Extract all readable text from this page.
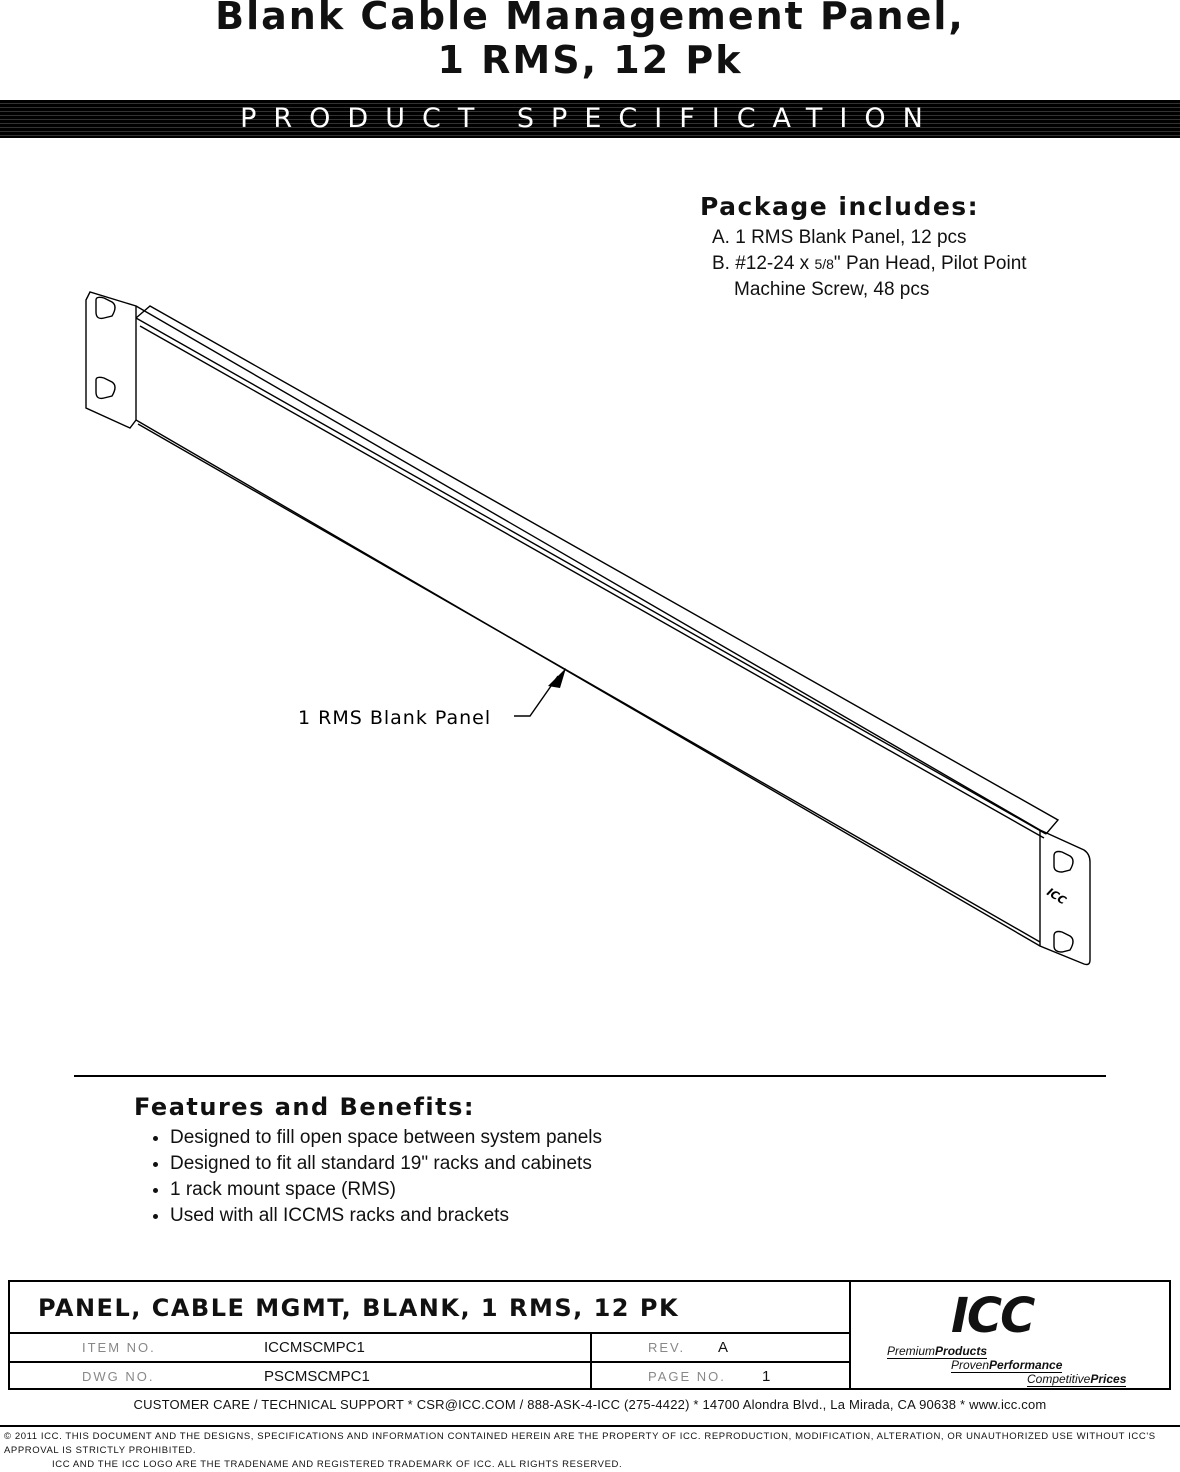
Blank Cable Management Panel,
1 RMS, 12 Pk
PRODUCT SPECIFICATION
Package includes:
A. 1 RMS Blank Panel, 12 pcs
B. #12-24 x 5/8" Pan Head, Pilot Point
Machine Screw, 48 pcs
1 RMS Blank Panel
ICC
Features and Benefits:
• Designed to fill open space between system panels
• Designed to fit all standard 19" racks and cabinets
• 1 rack mount space (RMS)
• Used with all ICCMS racks and brackets
PANEL, CABLE MGMT, BLANK, 1 RMS, 12 PK
ITEM NO.	ICCMSCMPC1	REV. A
DWG NO.	PSCMSCMPC1	PAGE NO. 1
ICC
PremiumProducts
ProvenPerformance
CompetitivePrices
CUSTOMER CARE / TECHNICAL SUPPORT * CSR@ICC.COM / 888-ASK-4-ICC (275-4422) * 14700 Alondra Blvd., La Mirada, CA 90638 * www.icc.com
© 2011 ICC. THIS DOCUMENT AND THE DESIGNS, SPECIFICATIONS AND INFORMATION CONTAINED HEREIN ARE THE PROPERTY OF ICC. REPRODUCTION, MODIFICATION, ALTERATION, OR UNAUTHORIZED USE WITHOUT ICC'S APPROVAL IS STRICTLY PROHIBITED.
ICC AND THE ICC LOGO ARE THE TRADENAME AND REGISTERED TRADEMARK OF ICC. ALL RIGHTS RESERVED.
